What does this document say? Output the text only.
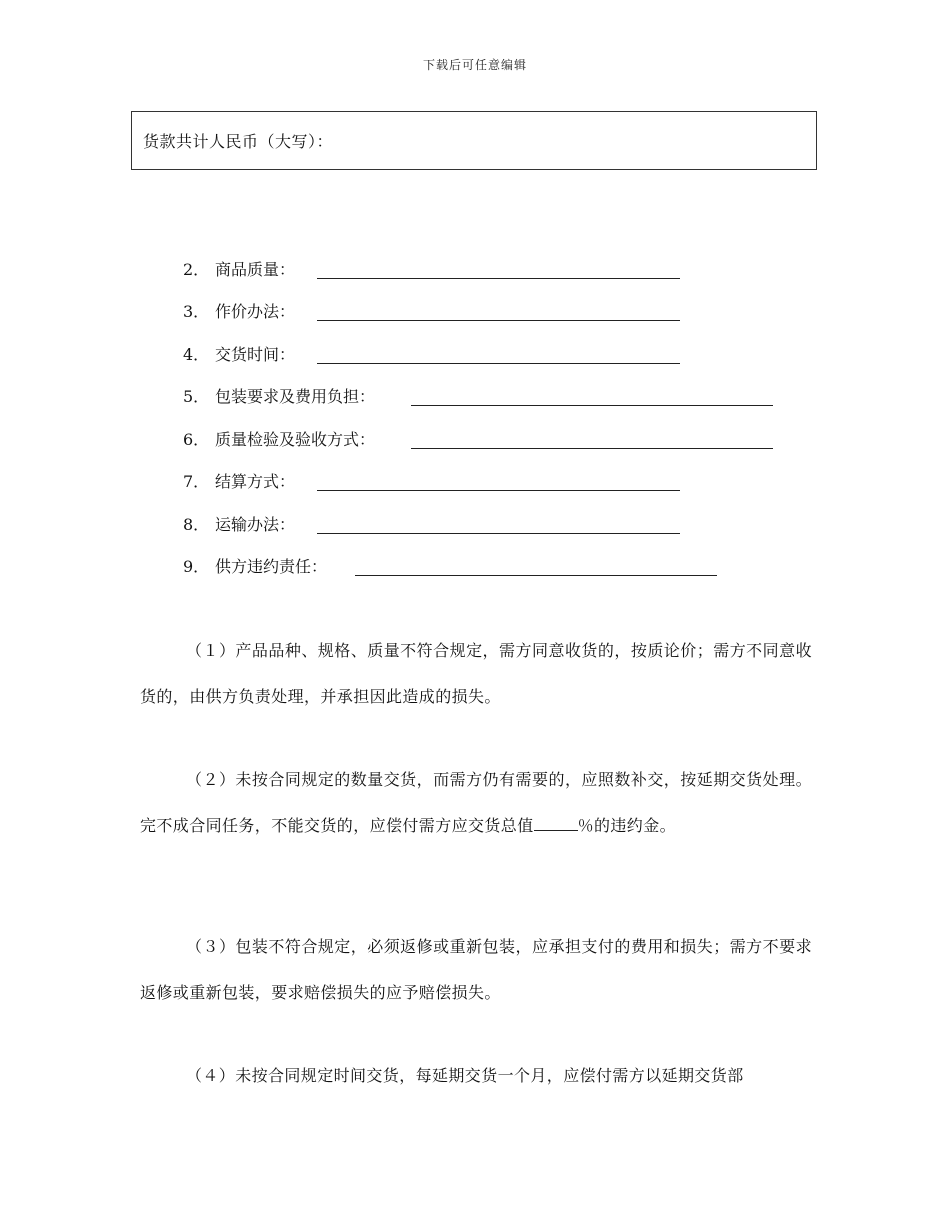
下载后可任意编辑
货款共计人民币（大写）：
2． 商品质量：
3． 作价办法：
4． 交货时间：
5． 包装要求及费用负担：
6． 质量检验及验收方式：
7． 结算方式：
8． 运输办法：
9． 供方违约责任：
（１）产品品种、规格、质量不符合规定，需方同意收货的，按质论价；需方不同意收货的，由供方负责处理，并承担因此造成的损失。
（２）未按合同规定的数量交货，而需方仍有需要的，应照数补交，按延期交货处理。完不成合同任务，不能交货的，应偿付需方应交货总值	％的违约金。
（３）包装不符合规定，必须返修或重新包装，应承担支付的费用和损失；需方不要求返修或重新包装，要求赔偿损失的应予赔偿损失。
（４）未按合同规定时间交货，每延期交货一个月，应偿付需方以延期交货部
